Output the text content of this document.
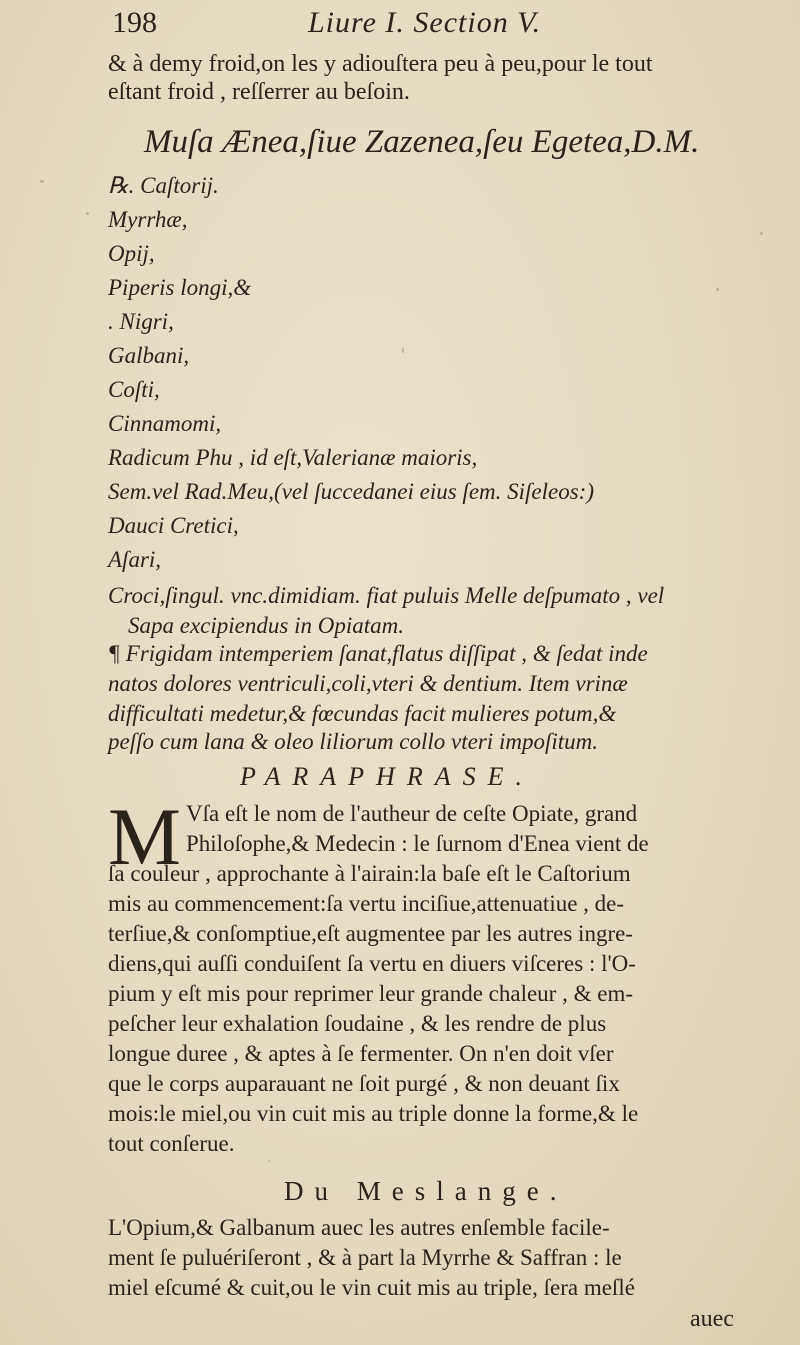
198	Liure I. Section V.
& à demy froid,on les y adiouſtera peu à peu,pour le tout
eſtant froid , reſſerrer au beſoin.
Muſa Ænea,ſiue Zazenea,ſeu Egetea,D.M.
℞. Caſtorij.
Myrrhæ,
Opij,
Piperis longi,&
. Nigri,
Galbani,
Coſti,
Cinnamomi,
Radicum Phu , id eſt,Valerianæ maioris,
Sem.vel Rad.Meu,(vel ſuccedanei eius ſem. Siſeleos:)
Dauci Cretici,
Aſari,
Croci,ſingul. vnc.dimidiam. fiat puluis Melle deſpumato , vel
Sapa excipiendus in Opiatam.
¶ Frigidam intemperiem ſanat,flatus diſſipat , & ſedat inde
natos dolores ventriculi,coli,vteri & dentium. Item vrinæ
difficultati medetur,& fœcundas facit mulieres potum,&
peſſo cum lana & oleo liliorum collo vteri impoſitum.
PARAPHRASE.
M Vſa eſt le nom de l'autheur de ceſte Opiate, grand
Philoſophe,& Medecin : le ſurnom d'Enea vient de
ſa couleur , approchante à l'airain:la baſe eſt le Caſtorium
mis au commencement:ſa vertu inciſiue,attenuatiue , de-
terſiue,& conſomptiue,eſt augmentee par les autres ingre-
diens,qui auſſi conduiſent ſa vertu en diuers viſceres : l'O-
pium y eſt mis pour reprimer leur grande chaleur , & em-
peſcher leur exhalation ſoudaine , & les rendre de plus
longue duree , & aptes à ſe fermenter. On n'en doit vſer
que le corps auparauant ne ſoit purgé , & non deuant ſix
mois:le miel,ou vin cuit mis au triple donne la forme,& le
tout conſerue.
Du Meslange.
L'Opium,& Galbanum auec les autres enſemble facile-
ment ſe puluériſeront , & à part la Myrrhe & Saffran : le
miel eſcumé & cuit,ou le vin cuit mis au triple, ſera meſlé
auec
